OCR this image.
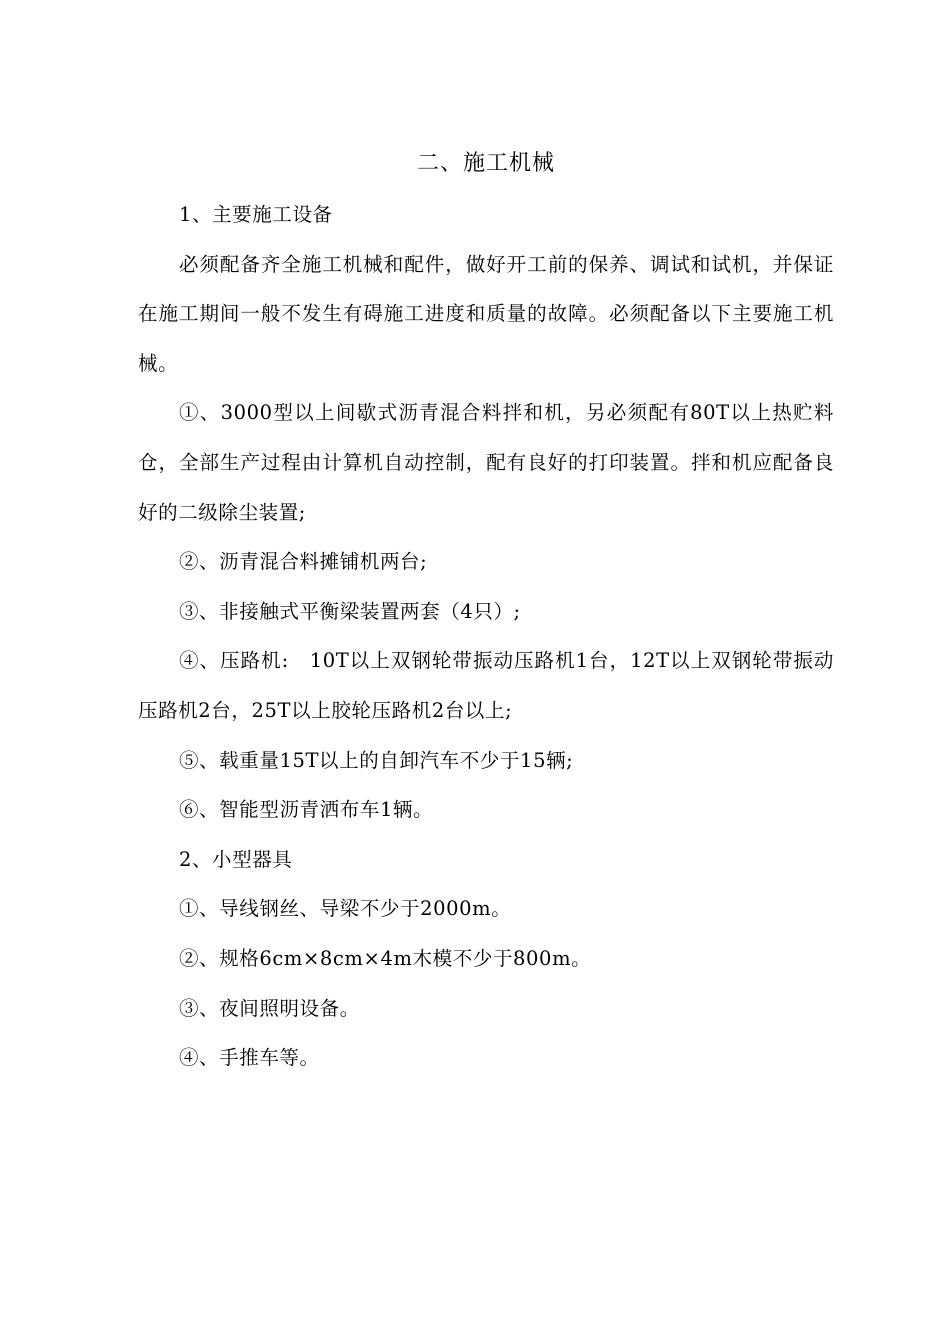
二、施工机械

1、主要施工设备

必须配备齐全施工机械和配件，做好开工前的保养、调试和试机，并保证在施工期间一般不发生有碍施工进度和质量的故障。必须配备以下主要施工机械。

①、3000型以上间歇式沥青混合料拌和机，另必须配有80T以上热贮料仓，全部生产过程由计算机自动控制，配有良好的打印装置。拌和机应配备良好的二级除尘装置;

②、沥青混合料摊铺机两台;

③、非接触式平衡梁装置两套（4只）;

④、压路机:　10T以上双钢轮带振动压路机1台，12T以上双钢轮带振动压路机2台，25T以上胶轮压路机2台以上;

⑤、载重量15T以上的自卸汽车不少于15辆;

⑥、智能型沥青洒布车1辆。

2、小型器具

①、导线钢丝、导梁不少于2000m。

②、规格6cm×8cm×4m木模不少于800m。

③、夜间照明设备。

④、手推车等。
